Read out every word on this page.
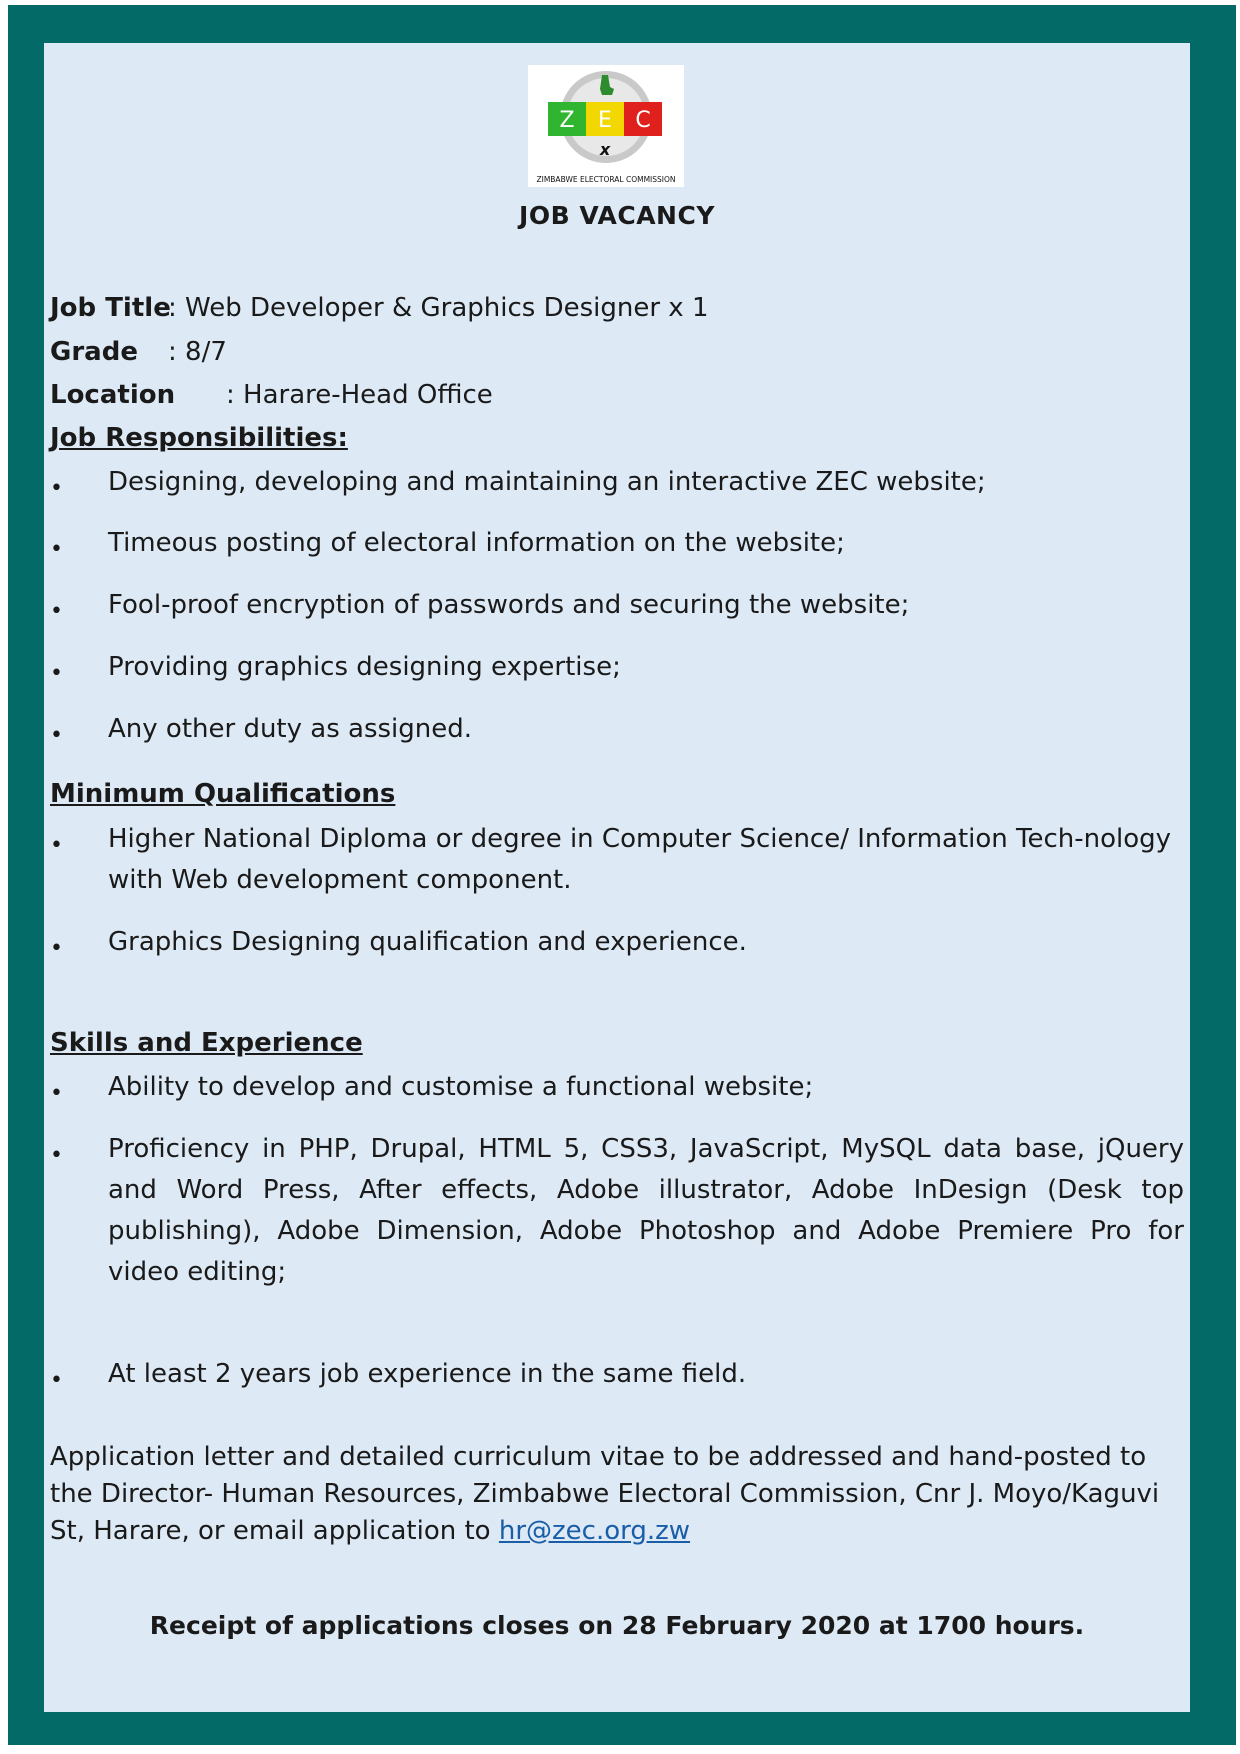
Z E C
x
ZIMBABWE ELECTORAL COMMISSION
JOB VACANCY
Job Title: Web Developer & Graphics Designer x 1
Grade : 8/7
Location : Harare-Head Office
Job Responsibilities:
• Designing, developing and maintaining an interactive ZEC website;
• Timeous posting of electoral information on the website;
• Fool-proof encryption of passwords and securing the website;
• Providing graphics designing expertise;
• Any other duty as assigned.
Minimum Qualifications
• Higher National Diploma or degree in Computer Science/ Information Tech-nology with Web development component.
• Graphics Designing qualification and experience.
Skills and Experience
• Ability to develop and customise a functional website;
• Proficiency in PHP, Drupal, HTML 5, CSS3, JavaScript, MySQL data base, jQuery and Word Press, After effects, Adobe illustrator, Adobe InDesign (Desk top publishing), Adobe Dimension, Adobe Photoshop and Adobe Premiere Pro for video editing;
• At least 2 years job experience in the same field.
Application letter and detailed curriculum vitae to be addressed and hand-posted to the Director- Human Resources, Zimbabwe Electoral Commission, Cnr J. Moyo/Kaguvi St, Harare, or email application to hr@zec.org.zw
Receipt of applications closes on 28 February 2020 at 1700 hours.
